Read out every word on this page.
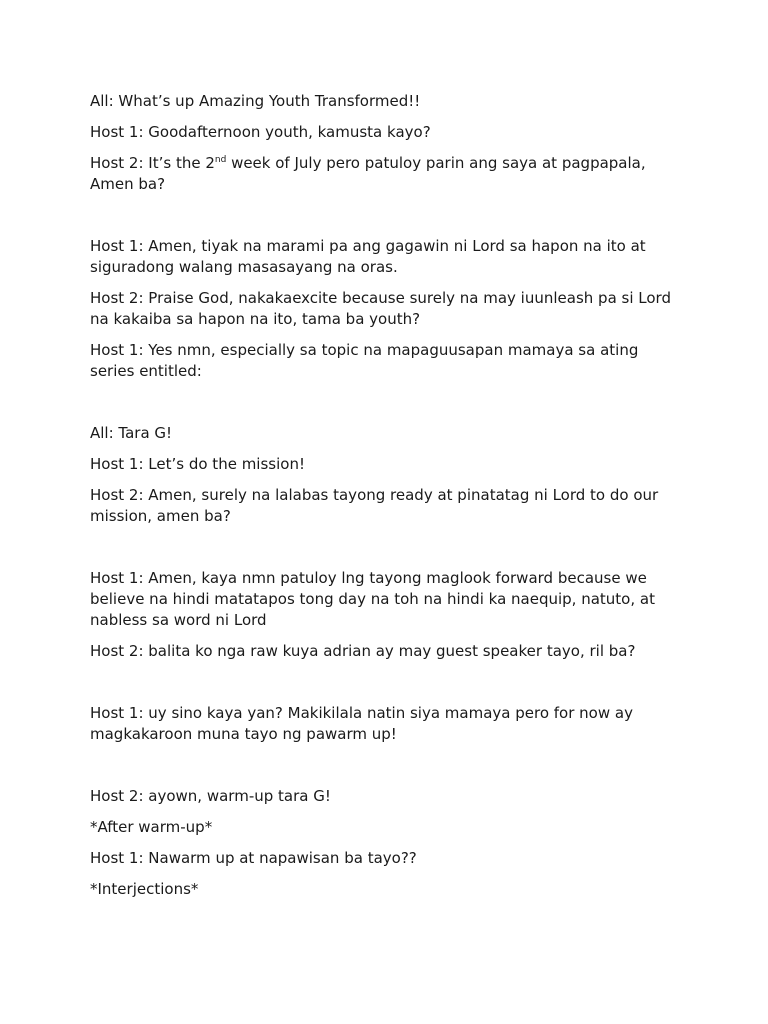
All: What’s up Amazing Youth Transformed!!

Host 1: Goodafternoon youth, kamusta kayo?

Host 2: It’s the 2nd week of July pero patuloy parin ang saya at pagpapala, Amen ba?

Host 1: Amen, tiyak na marami pa ang gagawin ni Lord sa hapon na ito at siguradong walang masasayang na oras.

Host 2: Praise God, nakakaexcite because surely na may iuunleash pa si Lord na kakaiba sa hapon na ito, tama ba youth?

Host 1: Yes nmn, especially sa topic na mapaguusapan mamaya sa ating series entitled:

All: Tara G!

Host 1: Let’s do the mission!

Host 2: Amen, surely na lalabas tayong ready at pinatatag ni Lord to do our mission, amen ba?

Host 1: Amen, kaya nmn patuloy lng tayong maglook forward because we believe na hindi matatapos tong day na toh na hindi ka naequip, natuto, at nabless sa word ni Lord

Host 2: balita ko nga raw kuya adrian ay may guest speaker tayo, ril ba?

Host 1: uy sino kaya yan? Makikilala natin siya mamaya pero for now ay magkakaroon muna tayo ng pawarm up!

Host 2: ayown, warm-up tara G!

*After warm-up*

Host 1: Nawarm up at napawisan ba tayo??

*Interjections*
